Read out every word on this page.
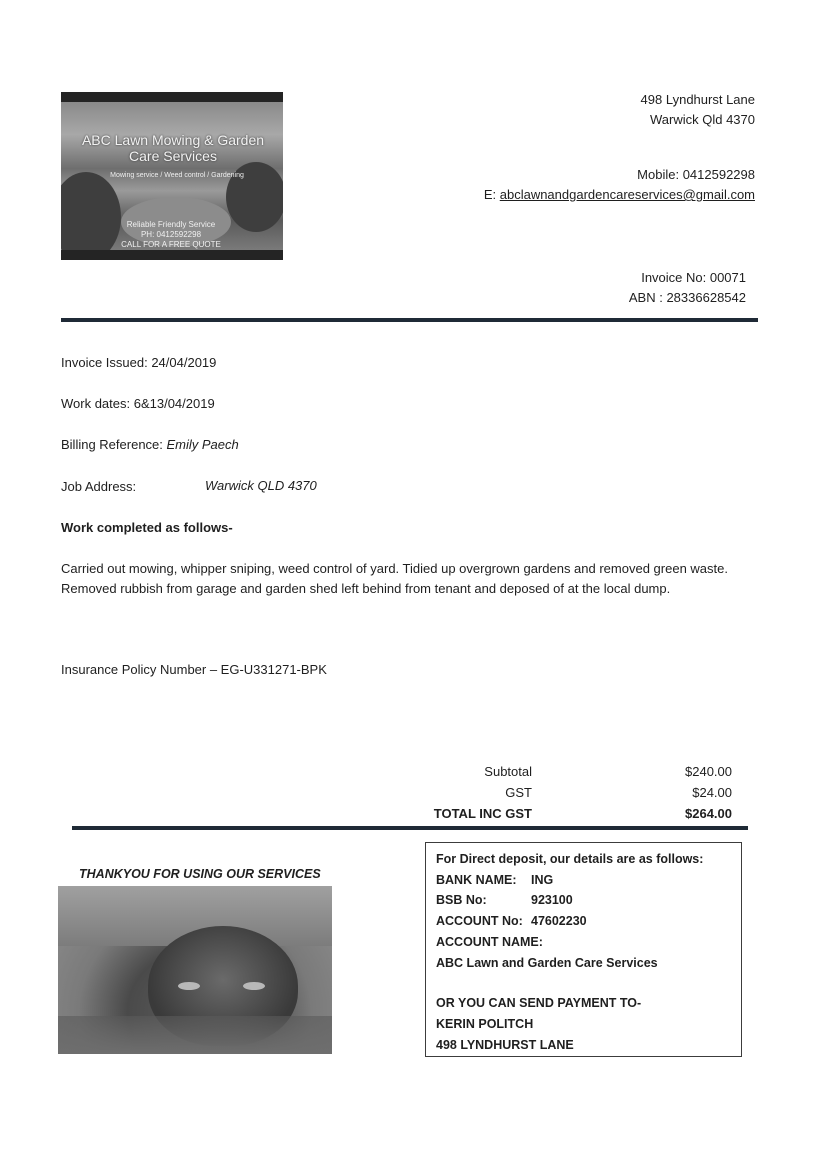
ABC Lawn Mowing & Garden
Care Services
Mowing service / Weed control / Gardening
Reliable Friendly Service
PH: 0412592298
CALL FOR A FREE QUOTE
498 Lyndhurst Lane
Warwick Qld 4370
Mobile: 0412592298
E: abclawnandgardencareservices@gmail.com
Invoice No: 00071
ABN : 28336628542
Invoice Issued: 24/04/2019
Work dates: 6&13/04/2019
Billing Reference: Emily Paech
Job Address:	Warwick QLD 4370
Work completed as follows-
Carried out mowing, whipper sniping, weed control of yard. Tidied up overgrown gardens and removed green waste.
Removed rubbish from garage and garden shed left behind from tenant and deposed of at the local dump.
Insurance Policy Number – EG-U331271-BPK
Subtotal	$240.00
GST	$24.00
TOTAL INC GST	$264.00
THANKYOU FOR USING OUR SERVICES
For Direct deposit, our details are as follows:
BANK NAME: ING
BSB No:	923100
ACCOUNT No: 47602230
ACCOUNT NAME:
ABC Lawn and Garden Care Services
OR YOU CAN SEND PAYMENT TO-
KERIN POLITCH
498 LYNDHURST LANE
